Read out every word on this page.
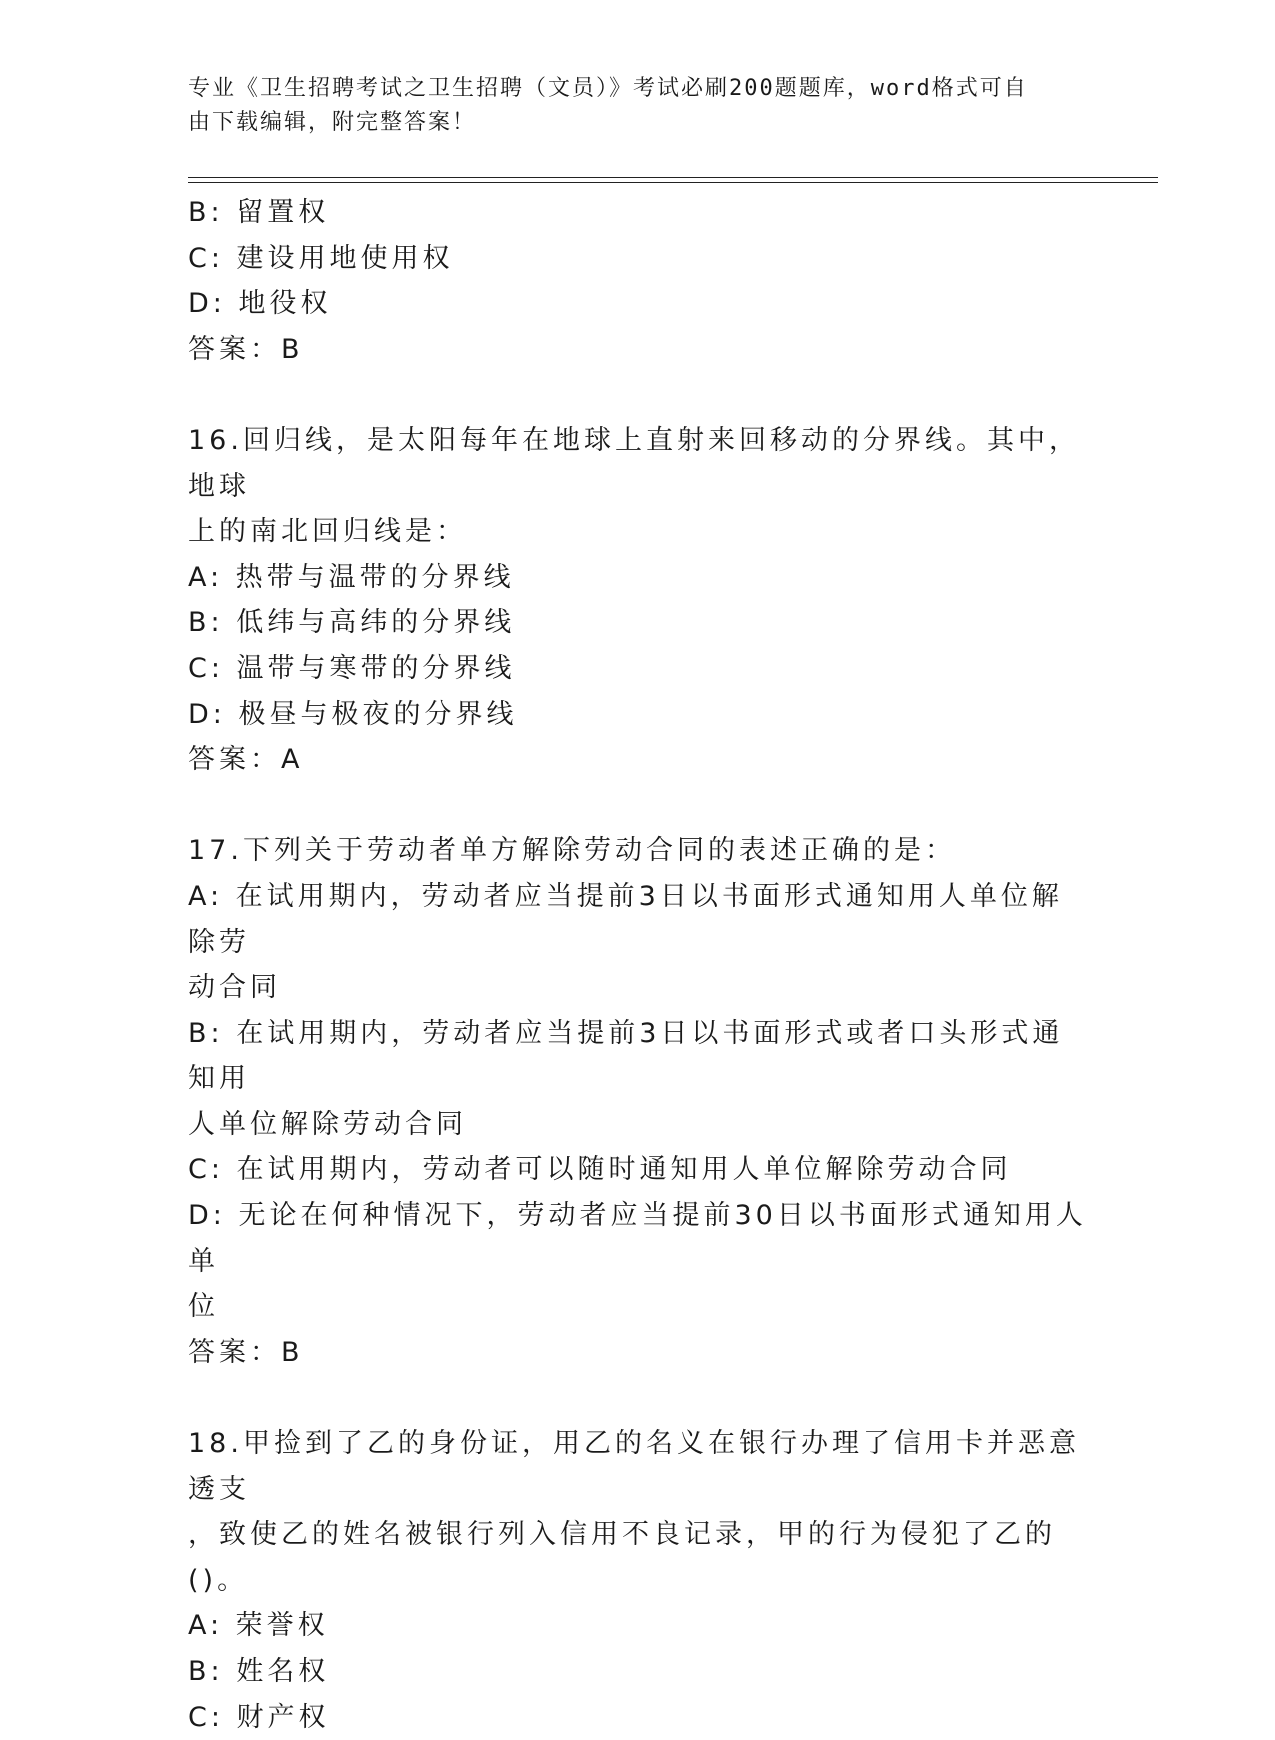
专业《卫生招聘考试之卫生招聘（文员）》考试必刷200题题库，word格式可自
由下载编辑，附完整答案！

B: 留置权

C: 建设用地使用权

D: 地役权

答案：B

16.回归线，是太阳每年在地球上直射来回移动的分界线。其中，地球

上的南北回归线是：

A: 热带与温带的分界线

B: 低纬与高纬的分界线

C: 温带与寒带的分界线

D: 极昼与极夜的分界线

答案：A

17.下列关于劳动者单方解除劳动合同的表述正确的是：

A: 在试用期内，劳动者应当提前3日以书面形式通知用人单位解除劳

动合同

B: 在试用期内，劳动者应当提前3日以书面形式或者口头形式通知用

人单位解除劳动合同

C: 在试用期内，劳动者可以随时通知用人单位解除劳动合同

D: 无论在何种情况下，劳动者应当提前30日以书面形式通知用人单

位

答案：B

18.甲捡到了乙的身份证，用乙的名义在银行办理了信用卡并恶意透支

，致使乙的姓名被银行列入信用不良记录，甲的行为侵犯了乙的()。

A: 荣誉权

B: 姓名权

C: 财产权
